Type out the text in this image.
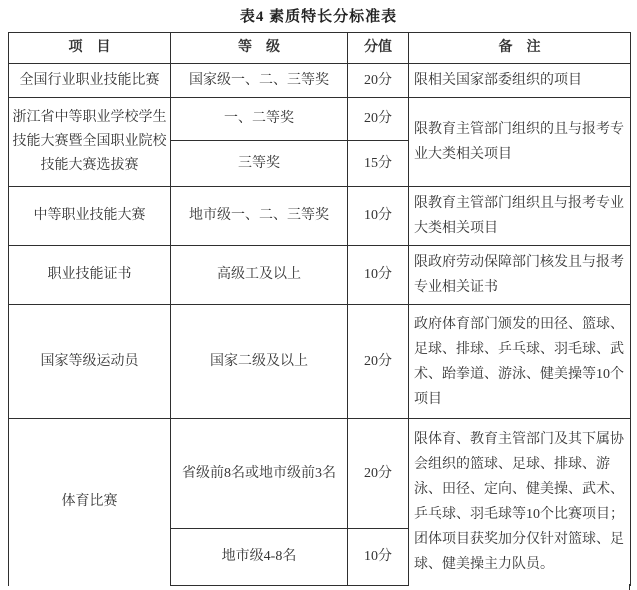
表4 素质特长分标准表
项　目	等　级	分值	备　注
全国行业职业技能比赛	国家级一、二、三等奖	20分	限相关国家部委组织的项目
浙江省中等职业学校学生技能大赛暨全国职业院校技能大赛选拔赛	一、二等奖	20分	限教育主管部门组织的且与报考专业大类相关项目
	三等奖	15分	
中等职业技能大赛	地市级一、二、三等奖	10分	限教育主管部门组织且与报考专业大类相关项目
职业技能证书	高级工及以上	10分	限政府劳动保障部门核发且与报考专业相关证书
国家等级运动员	国家二级及以上	20分	政府体育部门颁发的田径、篮球、足球、排球、乒乓球、羽毛球、武术、跆拳道、游泳、健美操等10个项目
体育比赛	省级前8名或地市级前3名	20分	限体育、教育主管部门及其下属协会组织的篮球、足球、排球、游泳、田径、定向、健美操、武术、乒乓球、羽毛球等10个比赛项目；团体项目获奖加分仅针对篮球、足球、健美操主力队员。
	地市级4-8名	10分	
